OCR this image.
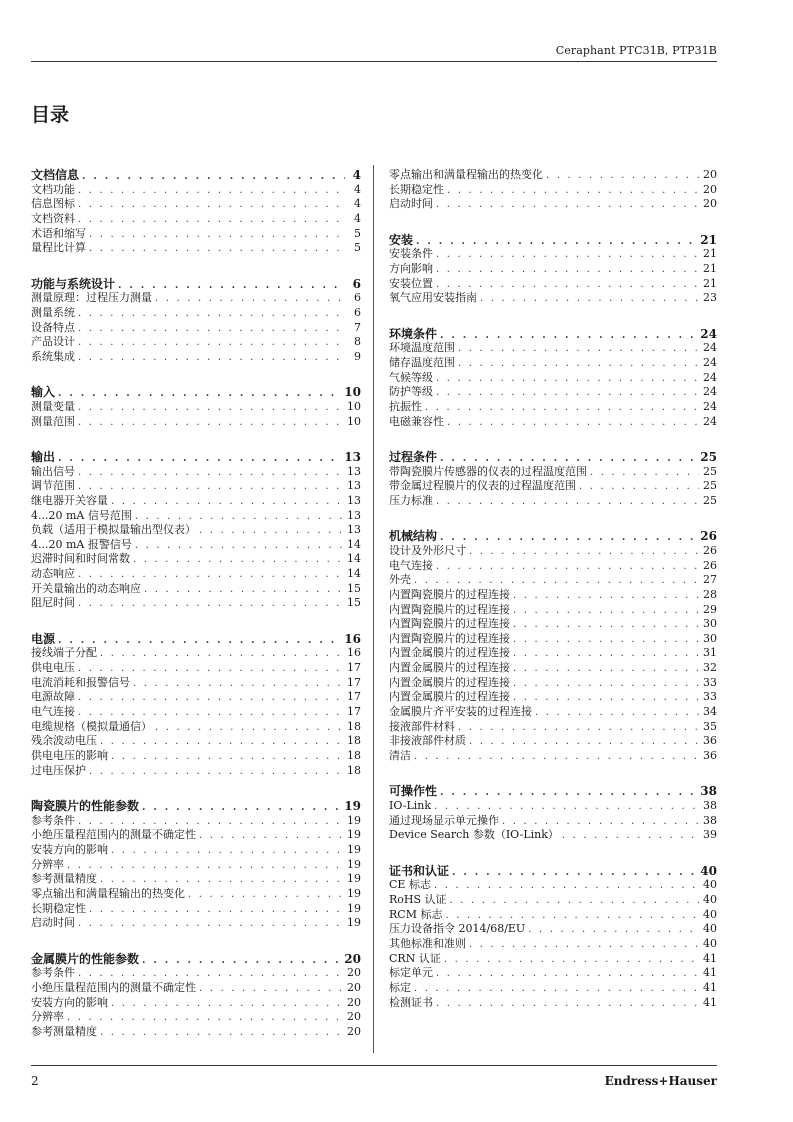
Ceraphant PTC31B, PTP31B
目录
文档信息 . . .	4
文档功能 . . .	4
信息图标 . . .	4
文档资料 . . .	4
术语和缩写 . . .	5
量程比计算 . . .	5
功能与系统设计 . . .	6
测量原理：过程压力测量 . . .	6
测量系统 . . .	6
设备特点 . . .	7
产品设计 . . .	8
系统集成 . . .	9
输入 . . .	10
测量变量 . . .	10
测量范围 . . .	10
输出 . . .	13
输出信号 . . .	13
调节范围 . . .	13
继电器开关容量 . . .	13
4...20 mA 信号范围 . . .	13
负载（适用于模拟量输出型仪表） . . .	13
4...20 mA 报警信号 . . .	14
迟滞时间和时间常数 . . .	14
动态响应 . . .	14
开关量输出的动态响应 . . .	15
阻尼时间 . . .	15
电源 . . .	16
接线端子分配 . . .	16
供电电压 . . .	17
电流消耗和报警信号 . . .	17
电源故障 . . .	17
电气连接 . . .	17
电缆规格（模拟量通信） . . .	18
残余波动电压 . . .	18
供电电压的影响 . . .	18
过电压保护 . . .	18
陶瓷膜片的性能参数 . . .	19
参考条件 . . .	19
小绝压量程范围内的测量不确定性 . . .	19
安装方向的影响 . . .	19
分辨率 . . .	19
参考测量精度 . . .	19
零点输出和满量程输出的热变化 . . .	19
长期稳定性 . . .	19
启动时间 . . .	19
金属膜片的性能参数 . . .	20
参考条件 . . .	20
小绝压量程范围内的测量不确定性 . . .	20
安装方向的影响 . . .	20
分辨率 . . .	20
参考测量精度 . . .	20
零点输出和满量程输出的热变化 . . .	20
长期稳定性 . . .	20
启动时间 . . .	20
安装 . . .	21
安装条件 . . .	21
方向影响 . . .	21
安装位置 . . .	21
氧气应用安装指南 . . .	23
环境条件 . . .	24
环境温度范围 . . .	24
储存温度范围 . . .	24
气候等级 . . .	24
防护等级 . . .	24
抗振性 . . .	24
电磁兼容性 . . .	24
过程条件 . . .	25
带陶瓷膜片传感器的仪表的过程温度范围 . . .	25
带金属过程膜片的仪表的过程温度范围 . . .	25
压力标准 . . .	25
机械结构 . . .	26
设计及外形尺寸 . . .	26
电气连接 . . .	26
外壳 . . .	27
内置陶瓷膜片的过程连接 . . .	28
内置陶瓷膜片的过程连接 . . .	29
内置陶瓷膜片的过程连接 . . .	30
内置陶瓷膜片的过程连接 . . .	30
内置金属膜片的过程连接 . . .	31
内置金属膜片的过程连接 . . .	32
内置金属膜片的过程连接 . . .	33
内置金属膜片的过程连接 . . .	33
金属膜片齐平安装的过程连接 . . .	34
接液部件材料 . . .	35
非接液部件材质 . . .	36
清洁 . . .	36
可操作性 . . .	38
IO-Link . . .	38
通过现场显示单元操作 . . .	38
Device Search 参数（IO-Link） . . .	39
证书和认证 . . .	40
CE 标志 . . .	40
RoHS 认证 . . .	40
RCM 标志 . . .	40
压力设备指令 2014/68/EU . . .	40
其他标准和准则 . . .	40
CRN 认证 . . .	41
标定单元 . . .	41
标定 . . .	41
检测证书 . . .	41
2	Endress+Hauser
